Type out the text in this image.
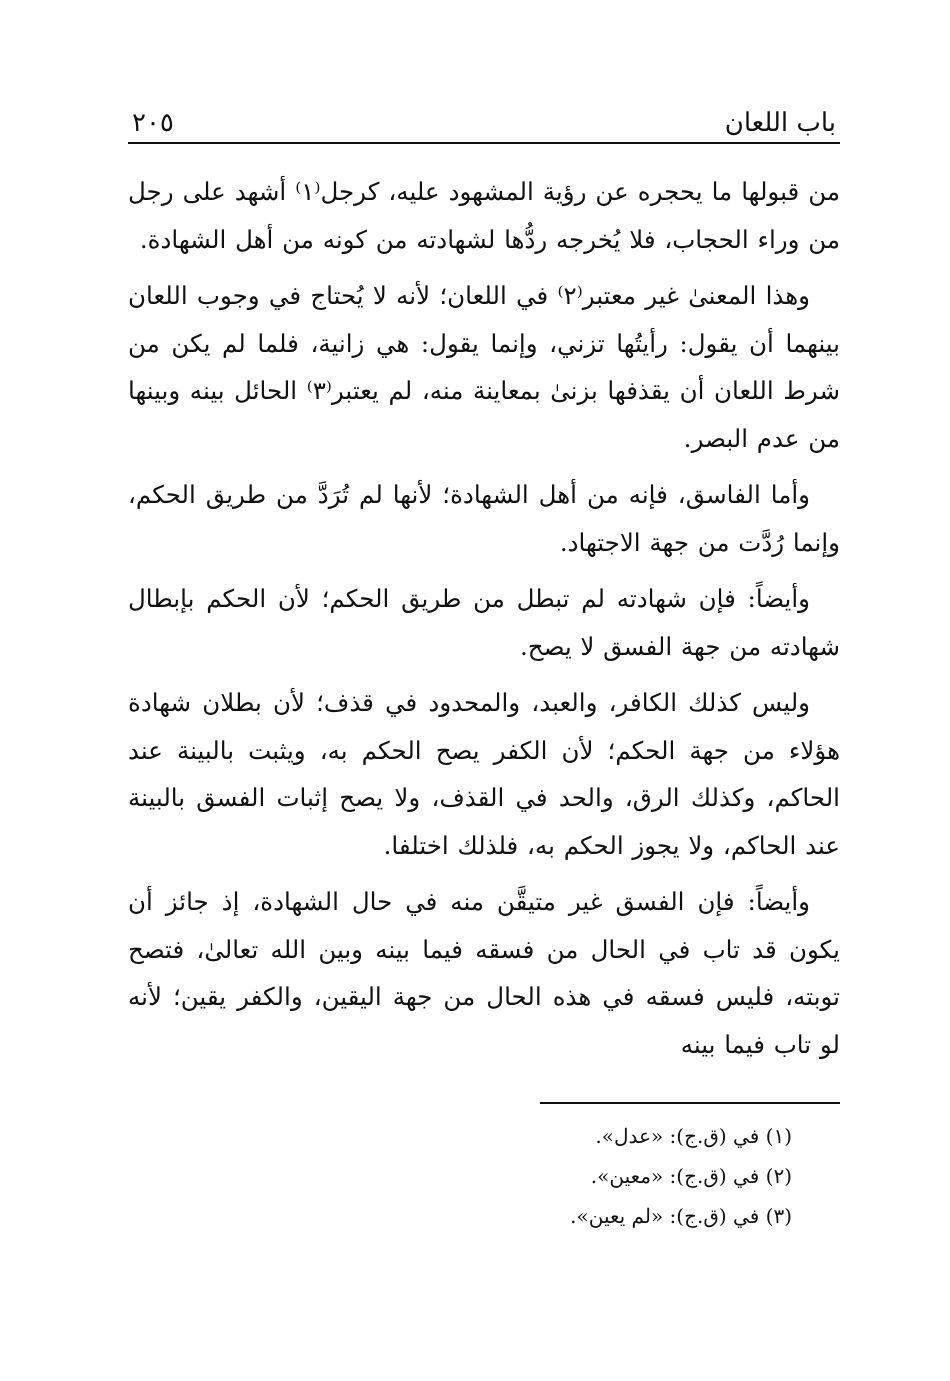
باب اللعان
٢٠٥

من قبولها ما يحجره عن رؤية المشهود عليه، كرجل⁽١⁾ أشهد على رجل من وراء الحجاب، فلا يُخرجه ردُّها لشهادته من كونه من أهل الشهادة.

وهذا المعنىٰ غير معتبر⁽٢⁾ في اللعان؛ لأنه لا يُحتاج في وجوب اللعان بينهما أن يقول: رأيتُها تزني، وإنما يقول: هي زانية، فلما لم يكن من شرط اللعان أن يقذفها بزنىٰ بمعاينة منه، لم يعتبر⁽٣⁾ الحائل بينه وبينها من عدم البصر.

وأما الفاسق، فإنه من أهل الشهادة؛ لأنها لم تُرَدَّ من طريق الحكم، وإنما رُدَّت من جهة الاجتهاد.

وأيضاً: فإن شهادته لم تبطل من طريق الحكم؛ لأن الحكم بإبطال شهادته من جهة الفسق لا يصح.

وليس كذلك الكافر، والعبد، والمحدود في قذف؛ لأن بطلان شهادة هؤلاء من جهة الحكم؛ لأن الكفر يصح الحكم به، ويثبت بالبينة عند الحاكم، وكذلك الرق، والحد في القذف، ولا يصح إثبات الفسق بالبينة عند الحاكم، ولا يجوز الحكم به، فلذلك اختلفا.

وأيضاً: فإن الفسق غير متيقَّن منه في حال الشهادة، إذ جائز أن يكون قد تاب في الحال من فسقه فيما بينه وبين الله تعالىٰ، فتصح توبته، فليس فسقه في هذه الحال من جهة اليقين، والكفر يقين؛ لأنه لو تاب فيما بينه

(١) في (ق.ج): «عدل».

(٢) في (ق.ج): «معين».

(٣) في (ق.ج): «لم يعين».
